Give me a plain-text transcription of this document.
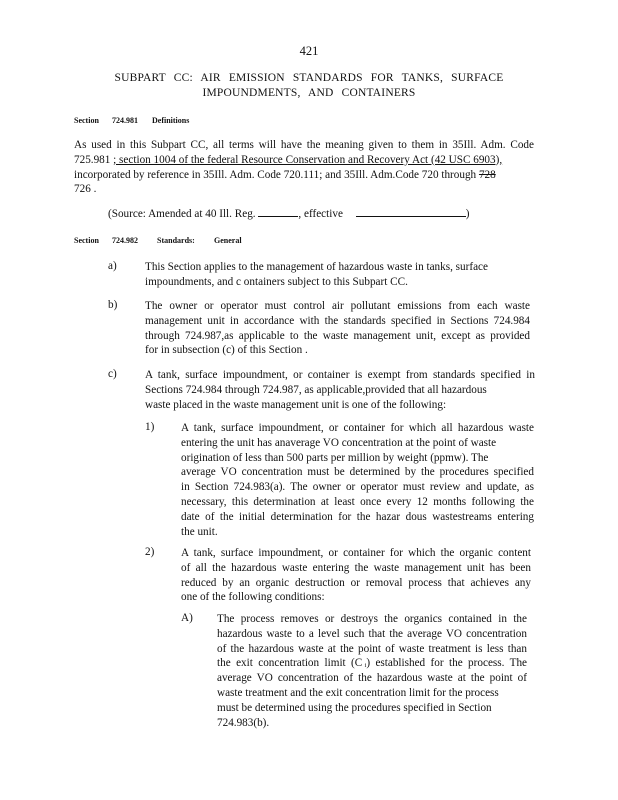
421
SUBPART CC: AIR EMISSION STANDARDS FOR TANKS, SURFACE
IMPOUNDMENTS, AND CONTAINERS
Section 724.981 Definitions
As used in this Subpart CC, all terms will have the meaning given to them in 35Ill. Adm. Code
725.981 ; section 1004 of the federal Resource Conservation and Recovery Act (42 USC 6903),
incorporated by reference in 35Ill. Adm. Code 720.111; and 35Ill. Adm.Code 720 through 728
726 .
(Source: Amended at 40 Ill. Reg.	, effective	)
Section 724.982 Standards: General
a)	This Section applies to the management of hazardous waste in tanks, surface
impoundments, and c ontainers subject to this Subpart CC.
b) The owner or operator must control air pollutant emissions from each waste
management unit in accordance with the standards specified in Sections 724.984
through 724.987,as applicable to the waste management unit, except as provided
for in subsection (c) of this Section .
c)	A tank, surface impoundment, or container is exempt from standards specified in
Sections 724.984 through 724.987, as applicable,provided that all hazardous
waste placed in the waste management unit is one of the following:
1) A tank, surface impoundment, or container for which all hazardous waste
entering the unit has anaverage VO concentration at the point of waste
origination of less than 500 parts per million by weight (ppmw). The
average VO concentration must be determined by the procedures specified
in Section 724.983(a). The owner or operator must review and update, as
necessary, this determination at least once every 12 months following the
date of the initial determination for the hazar dous wastestreams entering
the unit.
2) A tank, surface impoundment, or container for which the organic content
of all the hazardous waste entering the waste management unit has been
reduced by an organic destruction or removal process that achieves any
one of the following conditions:
A) The process removes or destroys the organics contained in the
hazardous waste to a level such that the average VO concentration
of the hazardous waste at the point of waste treatment is less than
the exit concentration limit (C ᵢ) established for the process. The
average VO concentration of the hazardous waste at the point of
waste treatment and the exit concentration limit for the process
must be determined using the procedures specified in Section
724.983(b).
